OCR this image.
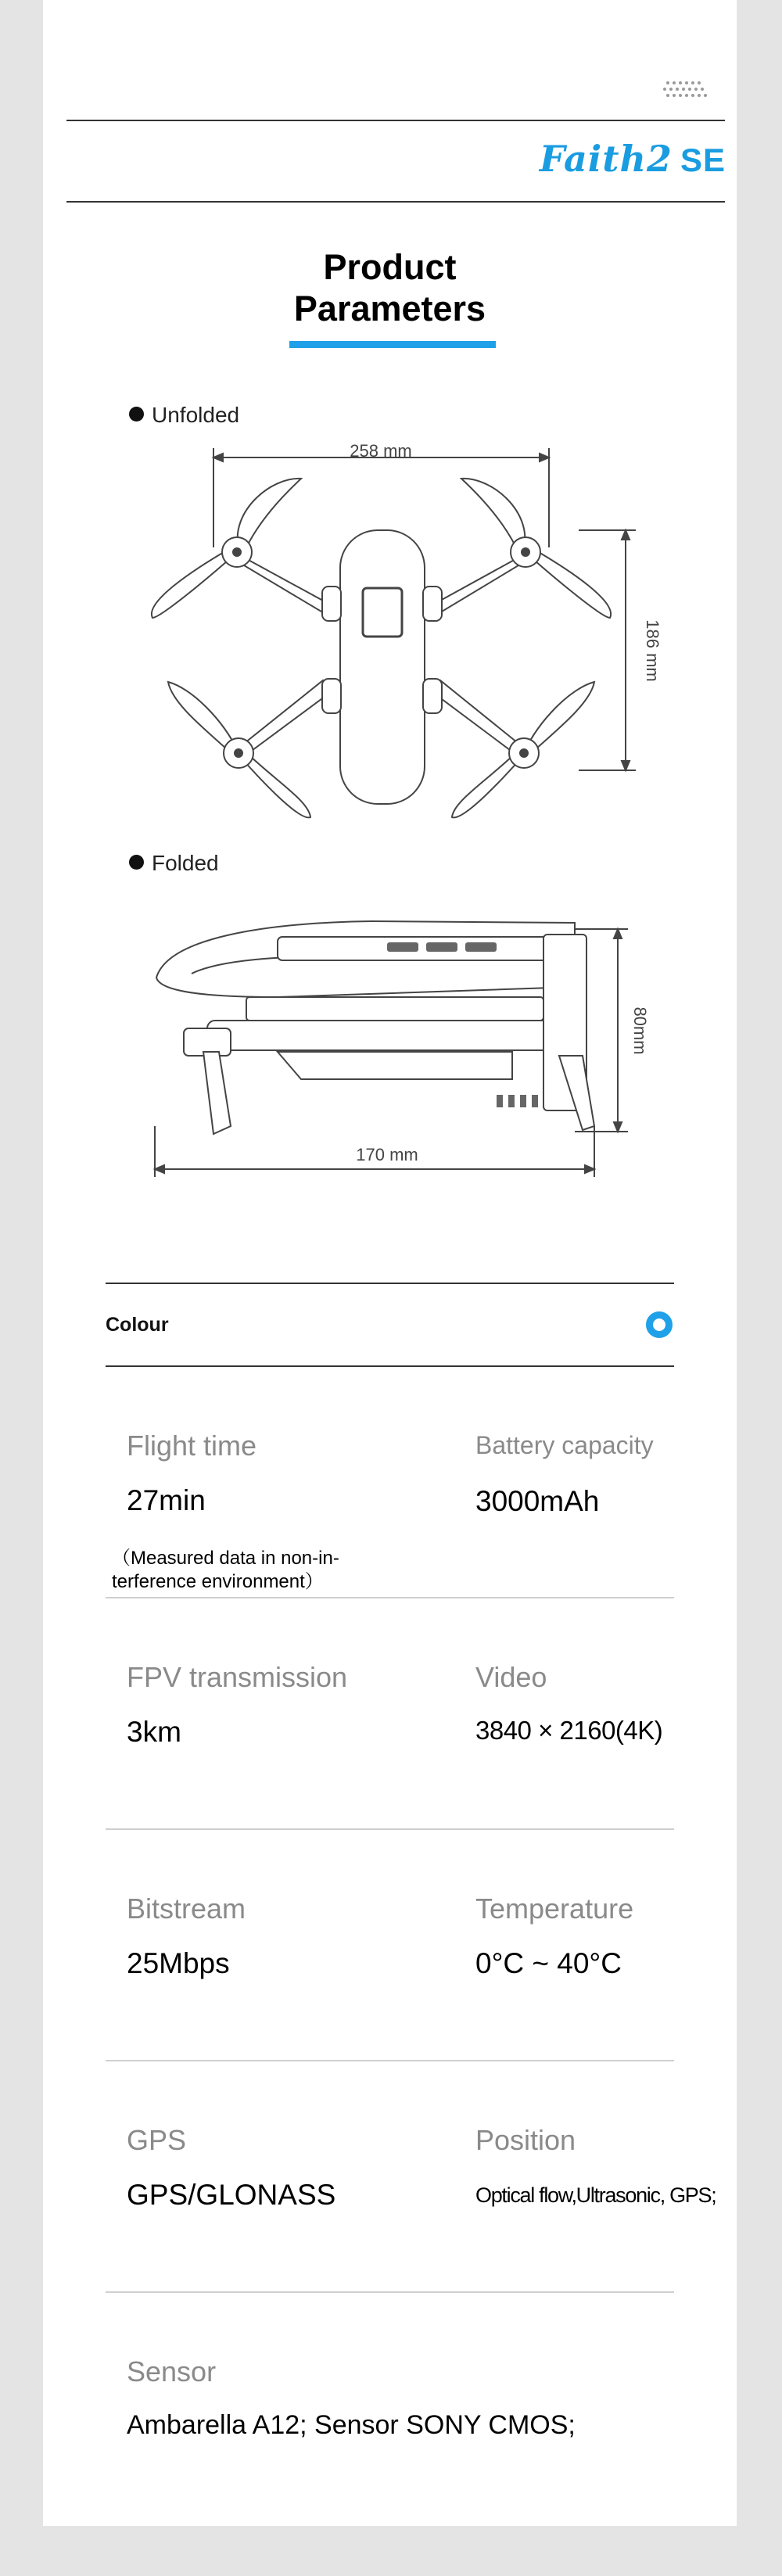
Faith2 SE
Product
Parameters
Unfolded
258 mm
186 mm
Folded
170 mm
80mm
Colour
Flight time
27min
（Measured data in non-in-terference environment）
Battery capacity
3000mAh
FPV transmission
3km
Video
3840 × 2160(4K)
Bitstream
25Mbps
Temperature
0°C ~ 40°C
GPS
GPS/GLONASS
Position
Optical flow,Ultrasonic, GPS;
Sensor
Ambarella A12; Sensor SONY CMOS;
